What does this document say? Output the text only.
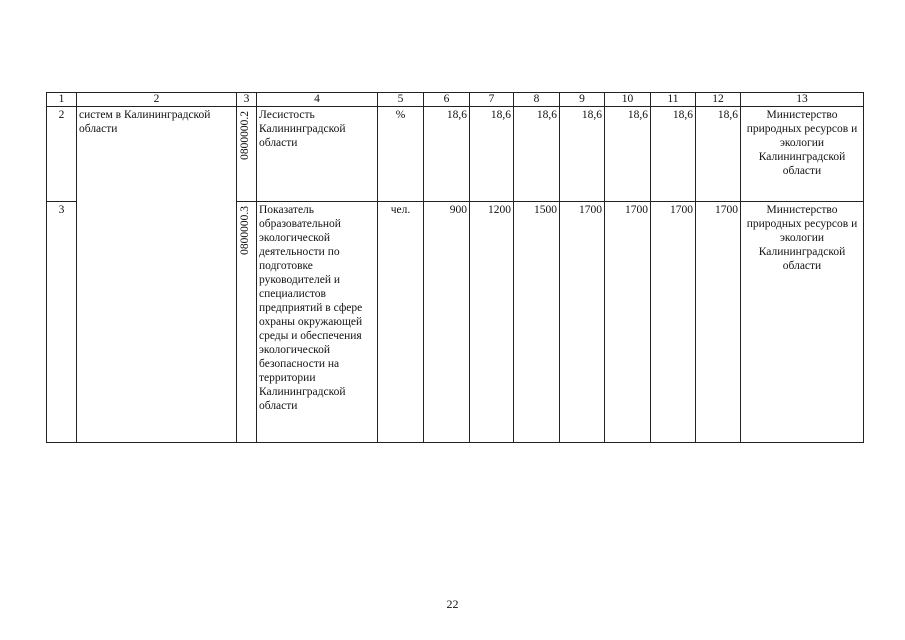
1	2	3	4	5	6	7	8	9	10	11	12	13
2	систем в Калининградской области	0800000.2	Лесистость Калининградской области	%	18,6	18,6	18,6	18,6	18,6	18,6	18,6	Министерство природных ресурсов и экологии Калининградской области
3		0800000.3	Показатель образовательной экологической деятельности по подготовке руководителей и специалистов предприятий в сфере охраны окружающей среды и обеспечения экологической безопасности на территории Калининградской области	чел.	900	1200	1500	1700	1700	1700	1700	Министерство природных ресурсов и экологии Калининградской области
22
